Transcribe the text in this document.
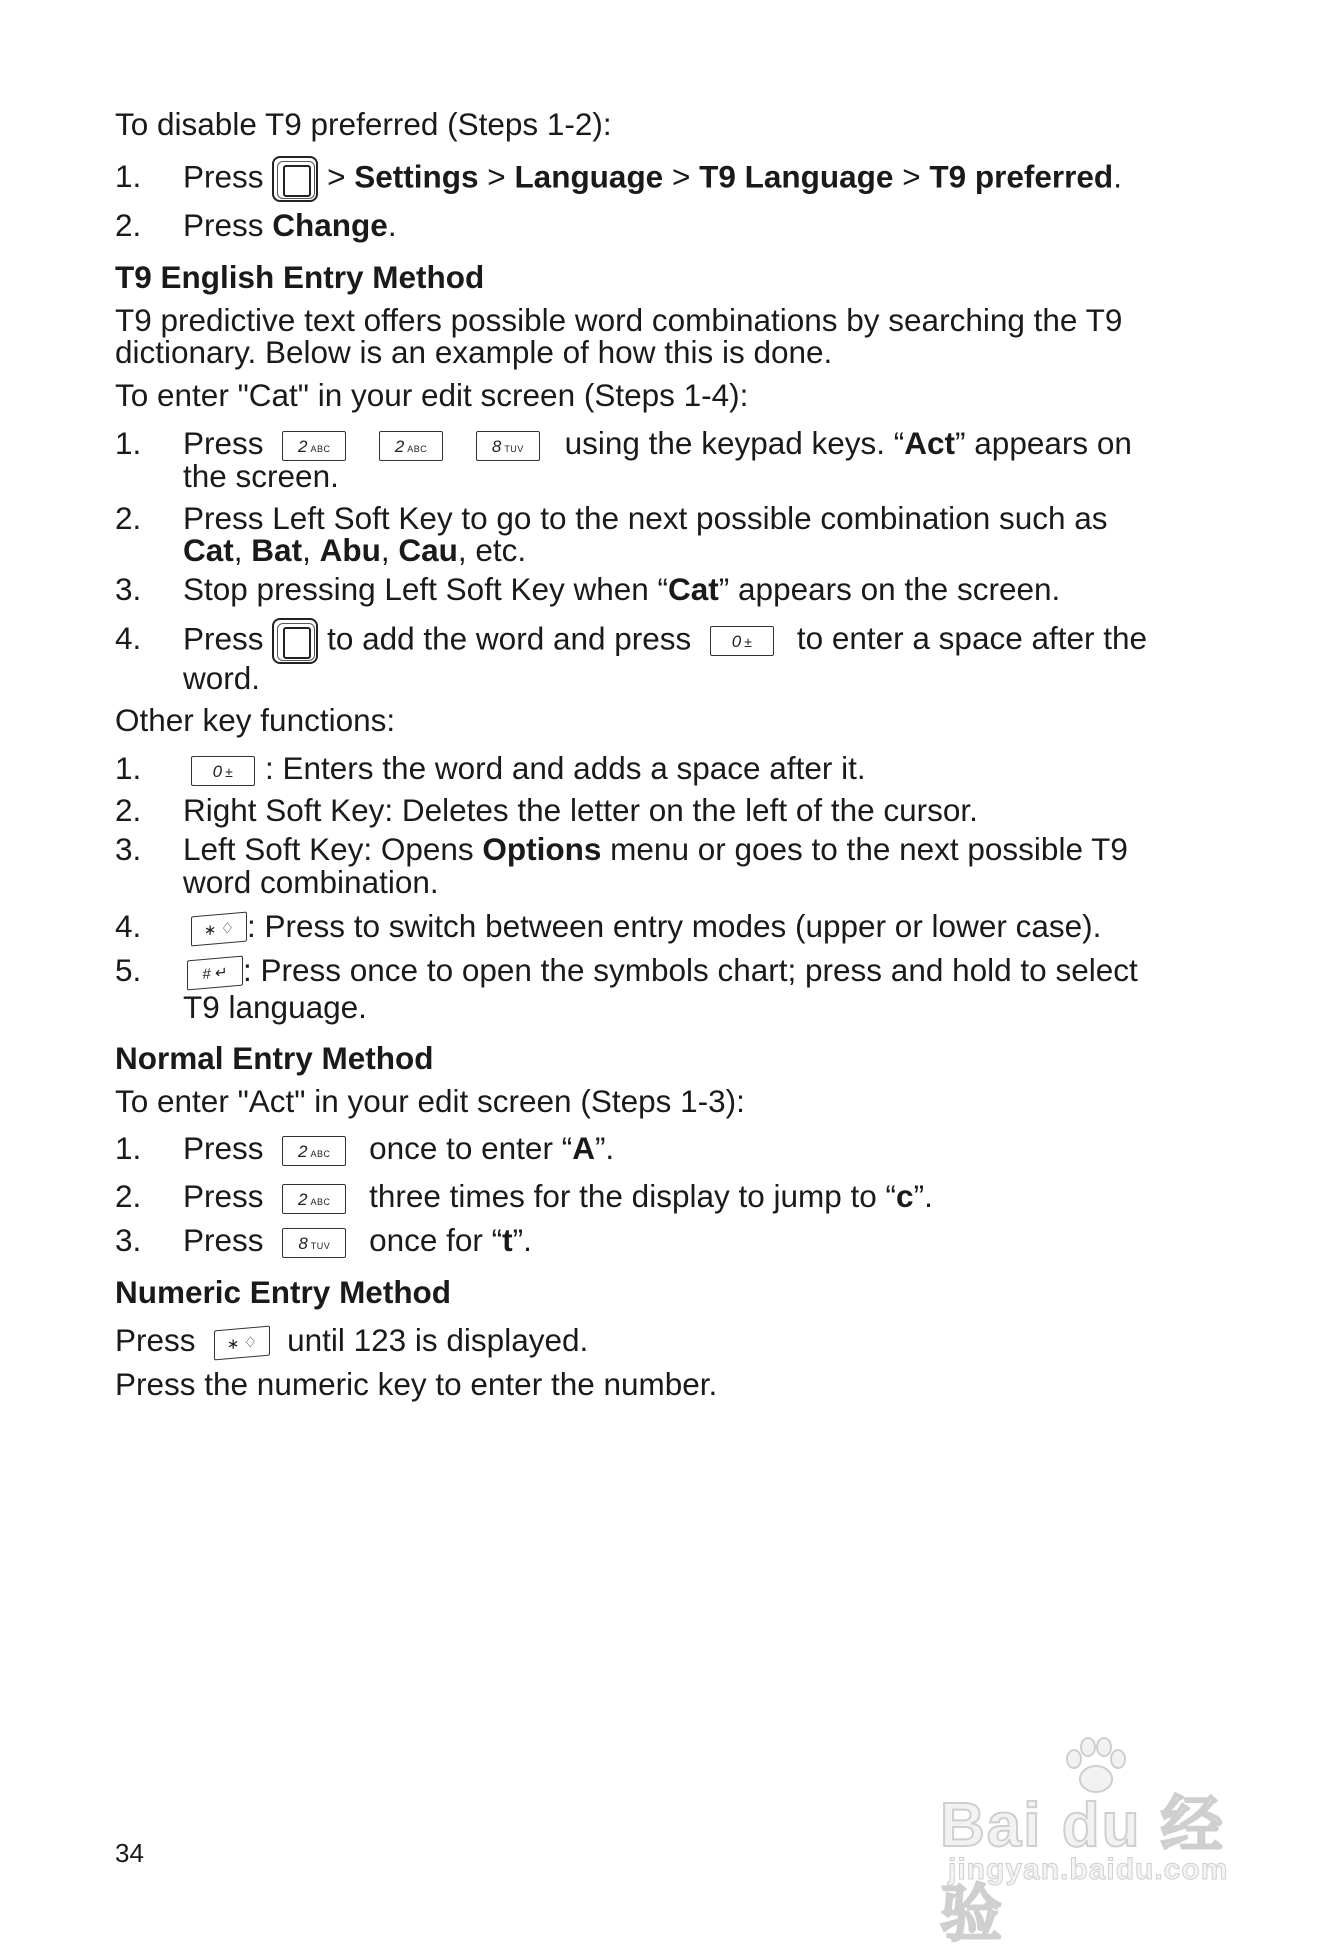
To disable T9 preferred (Steps 1-2):
1. Press > Settings > Language > T9 Language > T9 preferred.
2. Press Change.
T9 English Entry Method
T9 predictive text offers possible word combinations by searching the T9
dictionary. Below is an example of how this is done.
To enter "Cat" in your edit screen (Steps 1-4):
1. Press 2 ABC	2 ABC	8 TUV using the keypad keys. “Act” appears on
the screen.
2. Press Left Soft Key to go to the next possible combination such as
Cat, Bat, Abu, Cau, etc.
3. Stop pressing Left Soft Key when “Cat” appears on the screen.
4. Press to add the word and press 0 ± to enter a space after the
word.
Other key functions:
1.	0 ± : Enters the word and adds a space after it.
2. Right Soft Key: Deletes the letter on the left of the cursor.
3. Left Soft Key: Opens Options menu or goes to the next possible T9
word combination.
4.	∗ ♢ : Press to switch between entry modes (upper or lower case).
5.	# ↵ : Press once to open the symbols chart; press and hold to select
T9 language.
Normal Entry Method
To enter "Act" in your edit screen (Steps 1-3):
1. Press 2 ABC once to enter “A”.
2. Press 2 ABC three times for the display to jump to “c”.
3. Press 8 TUV once for “t”.
Numeric Entry Method
Press ∗ ♢ until 123 is displayed.
Press the numeric key to enter the number.
34	Bai du 经验
jingyan.baidu.com
